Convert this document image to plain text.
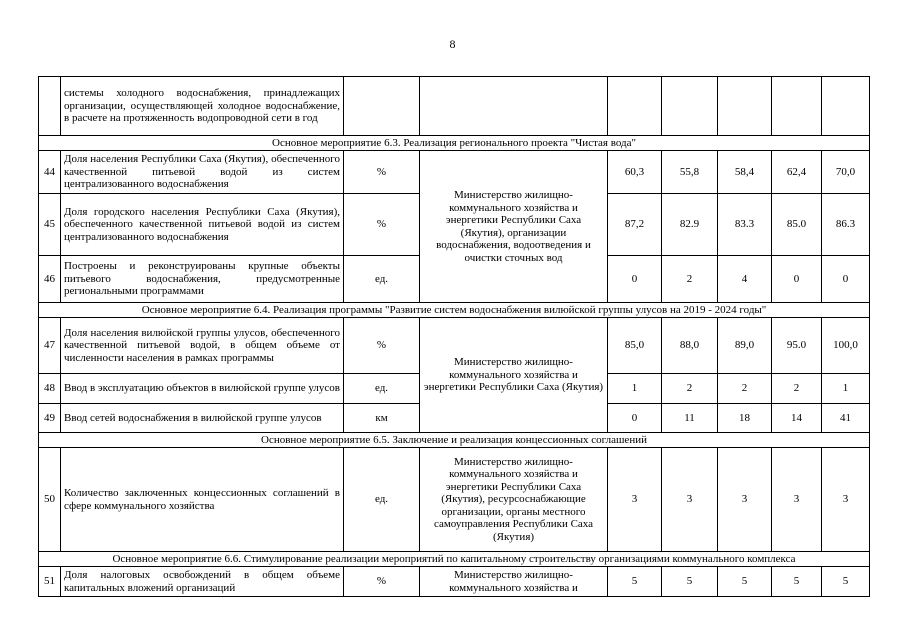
8
	системы холодного водоснабжения, принадлежащих организации, осуществляющей холодное водоснабжение, в расчете на протяженность водопроводной сети в год							
Основное мероприятие 6.3. Реализация регионального проекта "Чистая вода"								
44	Доля населения Республики Саха (Якутия), обеспеченного качественной питьевой водой из систем централизованного водоснабжения	%	Министерство жилищно-коммунального хозяйства и энергетики Республики Саха (Якутия), организации водоснабжения, водоотведения и очистки сточных вод	60,3	55,8	58,4	62,4	70,0
45	Доля городского населения Республики Саха (Якутия), обеспеченного качественной питьевой водой из систем централизованного водоснабжения	%		87,2	82.9	83.3	85.0	86.3
46	Построены и реконструированы крупные объекты питьевого водоснабжения, предусмотренные региональными программами	ед.		0	2	4	0	0
Основное мероприятие 6.4. Реализация программы "Развитие систем водоснабжения вилюйской группы улусов на 2019 - 2024 годы"								
47	Доля населения вилюйской группы улусов, обеспеченного качественной питьевой водой, в общем объеме от численности населения в рамках программы	%	Министерство жилищно-коммунального хозяйства и энергетики Республики Саха (Якутия)	85,0	88,0	89,0	95.0	100,0
48	Ввод в эксплуатацию объектов в вилюйской группе улусов	ед.		1	2	2	2	1
49	Ввод сетей водоснабжения в вилюйской группе улусов	км		0	11	18	14	41
Основное мероприятие 6.5. Заключение и реализация концессионных соглашений								
50	Количество заключенных концессионных соглашений в сфере коммунального хозяйства	ед.	Министерство жилищно-коммунального хозяйства и энергетики Республики Саха (Якутия), ресурсоснабжающие организации, органы местного самоуправления Республики Саха (Якутия)	3	3	3	3	3
Основное мероприятие 6.6. Стимулирование реализации мероприятий по капитальному строительству организациями коммунального комплекса								
51	Доля налоговых освобождений в общем объеме капитальных вложений организаций	%	Министерство жилищно-коммунального хозяйства и	5	5	5	5	5
